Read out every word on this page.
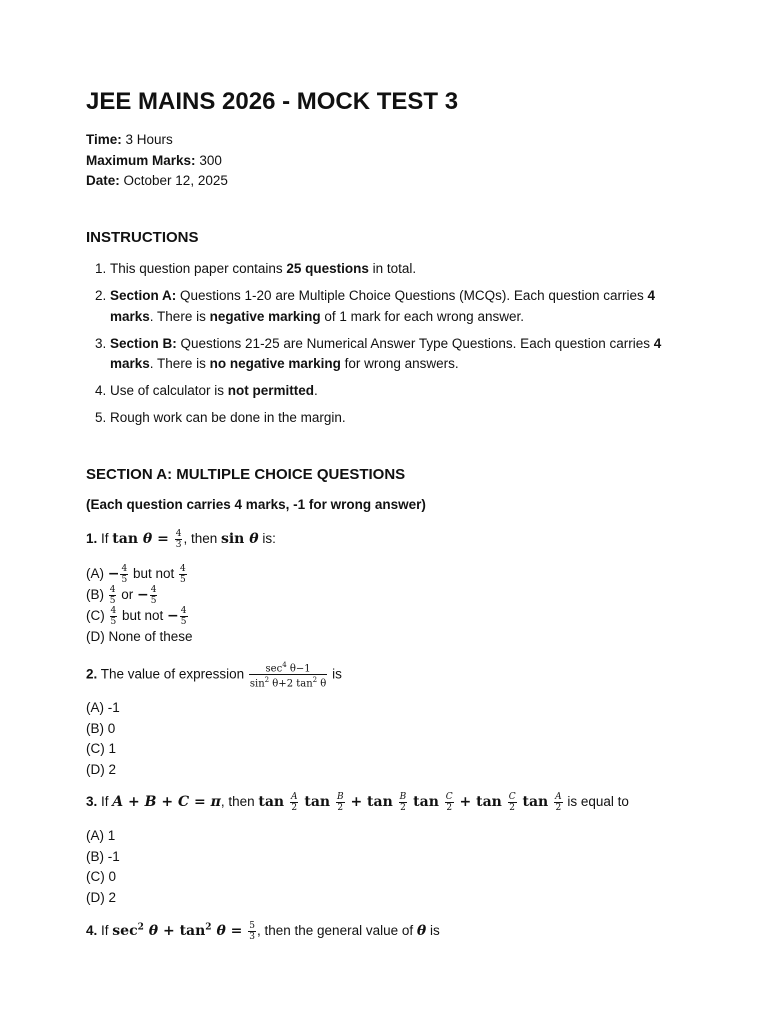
JEE MAINS 2026 - MOCK TEST 3
Time: 3 Hours
Maximum Marks: 300
Date: October 12, 2025
INSTRUCTIONS
1. This question paper contains 25 questions in total.
2. Section A: Questions 1-20 are Multiple Choice Questions (MCQs). Each question carries 4 marks. There is negative marking of 1 mark for each wrong answer.
3. Section B: Questions 21-25 are Numerical Answer Type Questions. Each question carries 4 marks. There is no negative marking for wrong answers.
4. Use of calculator is not permitted.
5. Rough work can be done in the margin.
SECTION A: MULTIPLE CHOICE QUESTIONS
(Each question carries 4 marks, -1 for wrong answer)
1. If $\tan \theta = \frac{4}{3}$ , then sin θ is:
$(A) - \frac{4}{5}$ but not $\frac{4}{5}$
$(B) \frac{4}{5}$ or − $\frac{4}{5}$
$(C) \frac{4}{5}$ but not − $\frac{4}{5}$
(D) None of these
2. The value of expression $\frac{\sec^4 \theta-1}{\sin^2 \theta+2 \tan^2 \theta}$ is
(A) -1
(B) 0
(C) 1
(D) 2
3. If A + B + C = π, then $\tan \frac{A}{2}$ $\tan \frac{B}{2} + \tan \frac{B}{2}$ $\tan \frac{C}{2} + \tan \frac{C}{2}$ $\tan \frac{A}{2}$ is equal to
(A) 1
(B) -1
(C) 0
(D) 2
4. If $\sec^2 \theta + \tan^2 \theta = \frac{5}{3}$ , then the general value of θ is
